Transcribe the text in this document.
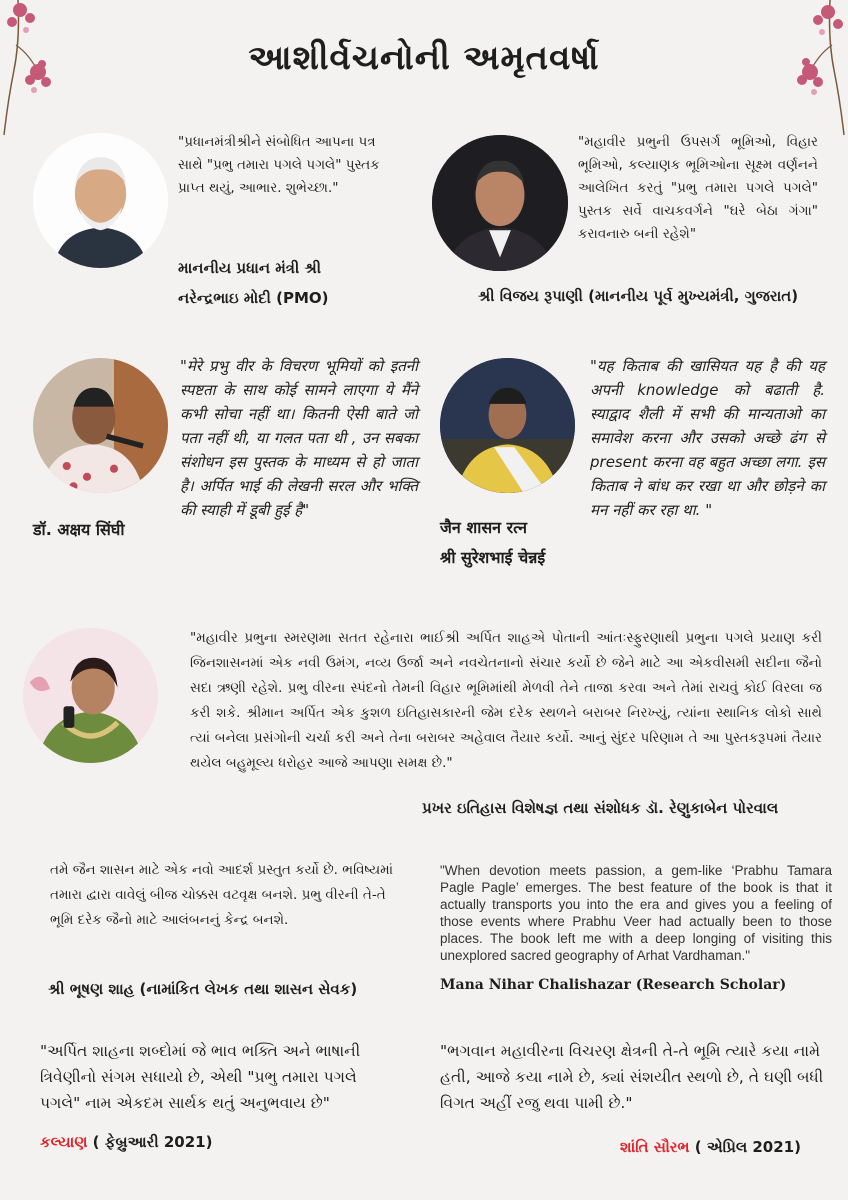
આશીર્વચનોની અમૃતવર્ષા
"પ્રધાનમંત્રીશ્રીને સંબોધિત આપના પત્ર સાથે "પ્રભુ તમારા પગલે પગલે" પુસ્તક પ્રાપ્ત થયું, આભાર. શુભેચ્છા."
માનનીય પ્રધાન મંત્રી શ્રી
નરેન્દ્રભાઇ મોદી (PMO)
"મહાવીર પ્રભુની ઉપસર્ગ ભૂમિઓ, વિહાર ભૂમિઓ, કલ્યાણક ભૂમિઓના સૂક્ષ્મ વર્ણનને આલેખિત કરતું "પ્રભુ તમારા પગલે પગલે" પુસ્તક સર્વે વાચકવર્ગને "ઘરે બેઠા ગંગા" કરાવનારુ બની રહેશે"
શ્રી વિજય રૂપાણી (માનનીય પૂર્વ મુખ્યમંત્રી, ગુજરાત)
डॉ. अक्षय सिंघी
"मेरे प्रभु वीर के विचरण भूमियों को इतनी स्पष्टता के साथ कोई सामने लाएगा ये मैंने कभी सोचा नहीं था। कितनी ऐसी बाते जो पता नहीं थी, या गलत पता थी , उन सबका संशोधन इस पुस्तक के माध्यम से हो जाता है। अर्पित भाई की लेखनी सरल और भक्ति की स्याही में डूबी हुई है"
"यह किताब की खासियत यह है की यह अपनी knowledge को बढाती है. स्याद्वाद शैली में सभी की मान्यताओ का समावेश करना और उसको अच्छे ढंग से present करना वह बहुत अच्छा लगा. इस किताब ने बांध कर रखा था और छोड़ने का मन नहीं कर रहा था. "
जैन शासन रत्न
श्री सुरेशभाई चेन्नई
"મહાવીર પ્રભુના સ્મરણમા સતત રહેનારા ભાઈશ્રી અર્પિત શાહએ પોતાની આંતઃસ્ફુરણાથી પ્રભુના પગલે પ્રયાણ કરી જિનશાસનમાં એક નવી ઉમંગ, નવ્ય ઉર્જા અને નવચેતનાનો સંચાર કર્યો છે જેને માટે આ એકવીસમી સદીના જૈનો સદા ઋણી રહેશે. પ્રભુ વીરના સ્પંદનો તેમની વિહાર ભૂમિમાંથી મેળવી તેને તાજા કરવા અને તેમાં રાચવું કોઈ વિરલા જ કરી શકે. શ્રીમાન અર્પિત એક કુશળ ઇતિહાસકારની જેમ દરેક સ્થળને બરાબર નિરખ્યું, ત્યાંના સ્થાનિક લોકો સાથે ત્યાં બનેલા પ્રસંગોની ચર્ચા કરી અને તેના બરાબર અહેવાલ તૈયાર કર્યો. આનું સુંદર પરિણામ તે આ પુસ્તકરૂપમાં તૈયાર થયેલ બહુમૂલ્ય ધરોહર આજે આપણા સમક્ષ છે."
પ્રખર ઇતિહાસ વિશેષજ્ઞ તથા સંશોધક ડૉ. રેણુકાબેન પોરવાલ
તમે જૈન શાસન માટે એક નવો આદર્શ પ્રસ્તુત કર્યો છે. ભવિષ્યમાં તમારા દ્વારા વાવેલું બીજ ચોક્કસ વટવૃક્ષ બનશે. પ્રભુ વીરની તે-તે ભૂમિ દરેક જૈનો માટે આલંબનનું કેન્દ્ર બનશે.
શ્રી ભૂષણ શાહ (નામાંકિત લેખક તથા શાસન સેવક)
"When devotion meets passion, a gem-like ‘Prabhu Tamara Pagle Pagle’ emerges. The best feature of the book is that it actually transports you into the era and gives you a feeling of those events where Prabhu Veer had actually been to those places. The book left me with a deep longing of visiting this unexplored sacred geography of Arhat Vardhaman."
Mana Nihar Chalishazar (Research Scholar)
"અર્પિત શાહના શબ્દોમાં જે ભાવ ભક્તિ અને ભાષાની ત્રિવેણીનો સંગમ સધાયો છે, એથી "પ્રભુ તમારા પગલે પગલે" નામ એકદમ સાર્થક થતું અનુભવાય છે"
કલ્યાણ ( ફેબ્રુઆરી 2021)
"ભગવાન મહાવીરના વિચરણ ક્ષેત્રની તે-તે ભૂમિ ત્યારે કયા નામે હતી, આજે કયા નામે છે, ક્યાં સંશયીત સ્થળો છે, તે ઘણી બધી વિગત અહીં રજુ થવા પામી છે."
શાંતિ સૌરભ ( એપ્રિલ 2021)
